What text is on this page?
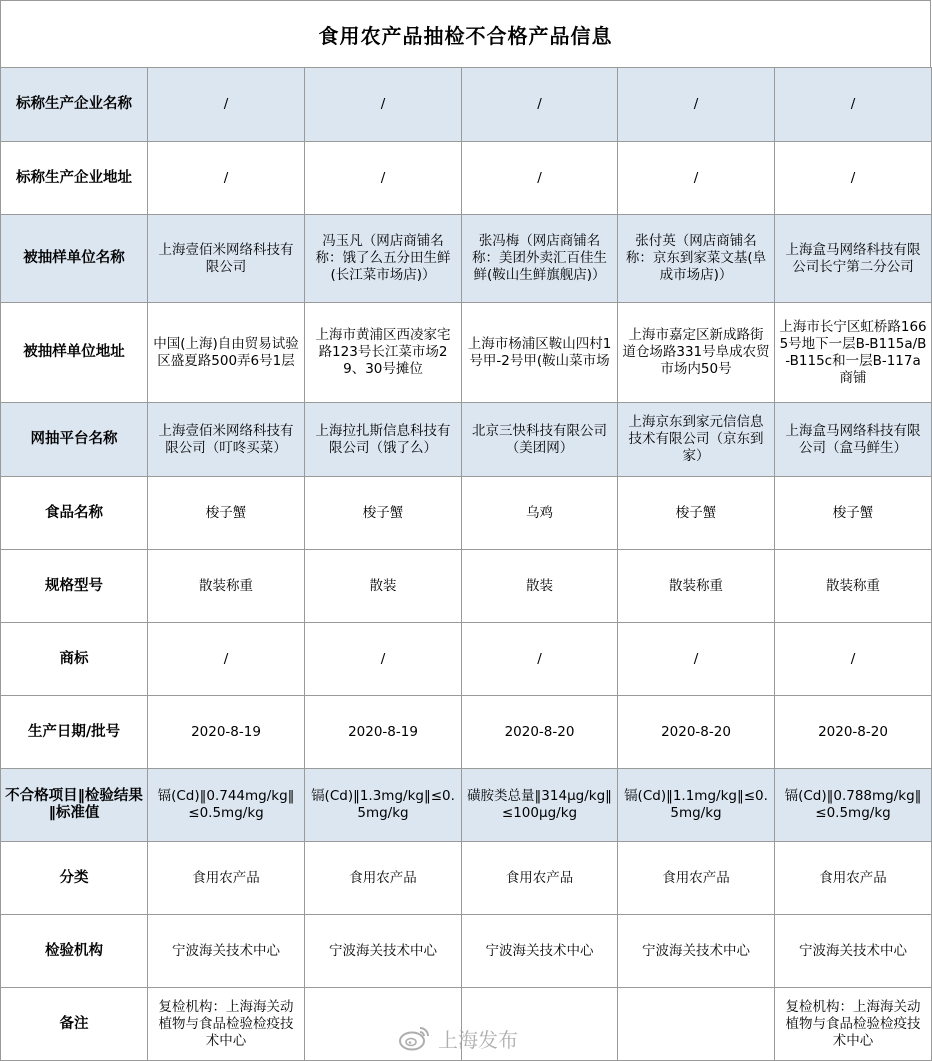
食用农产品抽检不合格产品信息
标称生产企业名称	/	/	/	/	/
标称生产企业地址	/	/	/	/	/
被抽样单位名称	上海壹佰米网络科技有限公司	冯玉凡（网店商铺名称：饿了么五分田生鲜(长江菜市场店)）	张冯梅（网店商铺名称：美团外卖汇百佳生鲜(鞍山生鲜旗舰店)）	张付英（网店商铺名称：京东到家菜文基(阜成市场店)）	上海盒马网络科技有限公司长宁第二分公司
被抽样单位地址	中国(上海)自由贸易试验区盛夏路500弄6号1层	上海市黄浦区西凌家宅路123号长江菜市场29、30号摊位	上海市杨浦区鞍山四村1号甲-2号甲(鞍山菜市场	上海市嘉定区新成路街道仓场路331号阜成农贸市场内50号	上海市长宁区虹桥路1665号地下一层B-B115a/B-B115c和一层B-117a商铺
网抽平台名称	上海壹佰米网络科技有限公司（叮咚买菜）	上海拉扎斯信息科技有限公司（饿了么）	北京三快科技有限公司（美团网）	上海京东到家元信信息技术有限公司（京东到家）	上海盒马网络科技有限公司（盒马鲜生）
食品名称	梭子蟹	梭子蟹	乌鸡	梭子蟹	梭子蟹
规格型号	散装称重	散装	散装	散装称重	散装称重
商标	/	/	/	/	/
生产日期/批号	2020-8-19	2020-8-19	2020-8-20	2020-8-20	2020-8-20
不合格项目‖检验结果‖标准值	镉(Cd)‖0.744mg/kg‖≤0.5mg/kg	镉(Cd)‖1.3mg/kg‖≤0.5mg/kg	磺胺类总量‖314μg/kg‖≤100μg/kg	镉(Cd)‖1.1mg/kg‖≤0.5mg/kg	镉(Cd)‖0.788mg/kg‖≤0.5mg/kg
分类	食用农产品	食用农产品	食用农产品	食用农产品	食用农产品
检验机构	宁波海关技术中心	宁波海关技术中心	宁波海关技术中心	宁波海关技术中心	宁波海关技术中心
备注	复检机构：上海海关动植物与食品检验检疫技术中心				复检机构：上海海关动植物与食品检验检疫技术中心
上海发布
